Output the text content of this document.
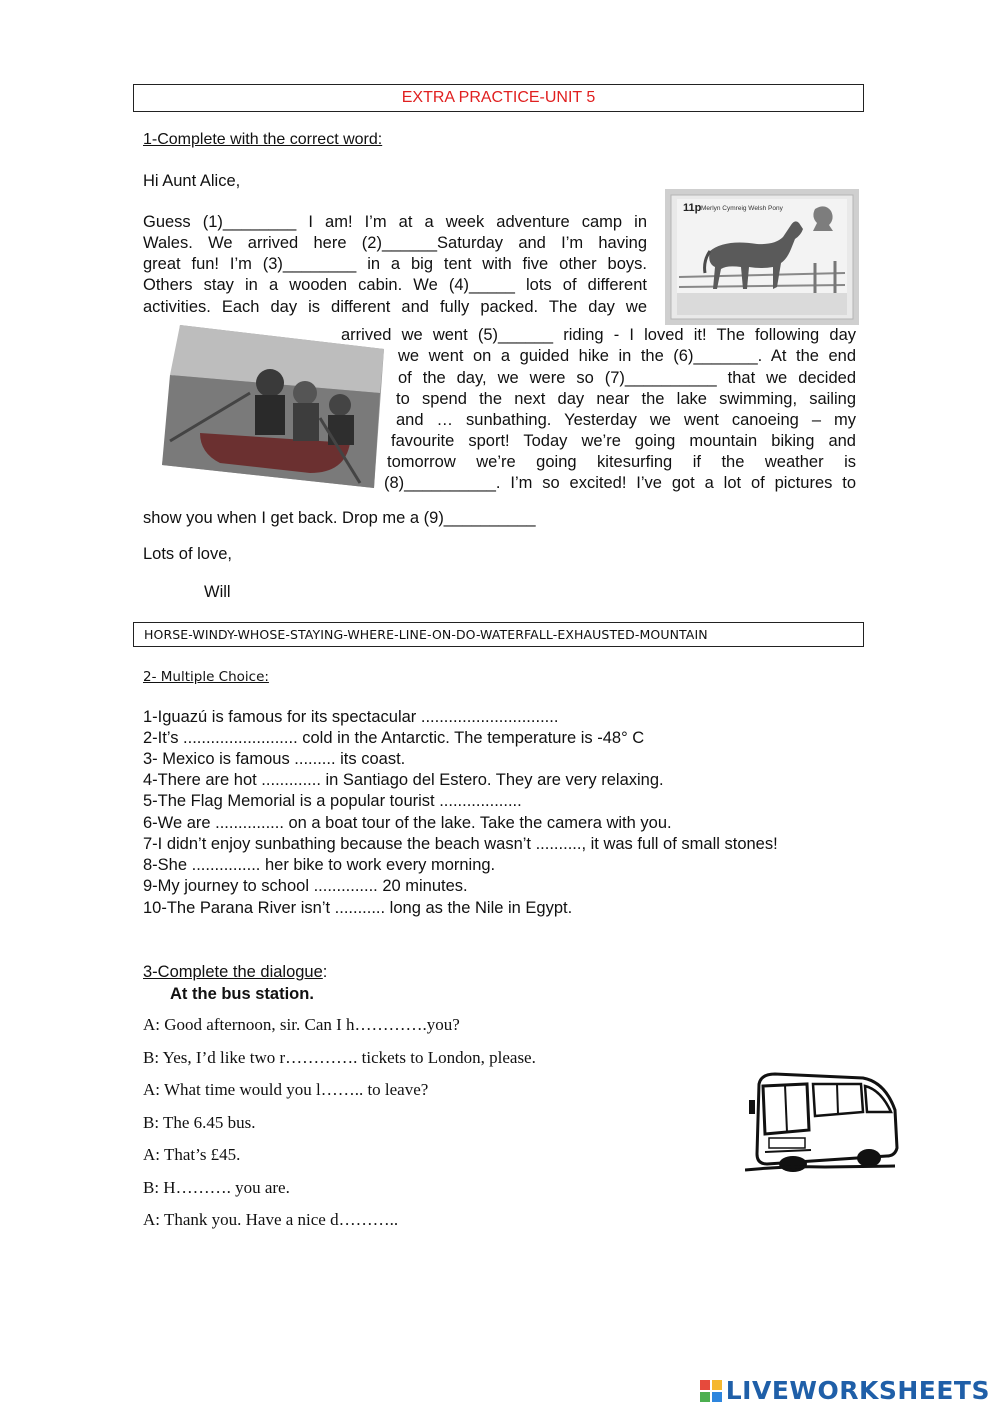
EXTRA PRACTICE-UNIT 5
1-Complete with the correct word:
Hi Aunt Alice,
Guess (1)________ I am! I’m at a week adventure camp in
Wales. We arrived here (2)______Saturday and I’m having
great fun! I’m (3)________ in a big tent with five other boys.
Others stay in a wooden cabin. We (4)_____ lots of different
activities. Each day is different and fully packed. The day we
arrived we went (5)______ riding - I loved it! The following day
we went on a guided hike in the (6)_______. At the end
of the day, we were so (7)__________ that we decided
to spend the next day near the lake swimming, sailing
and … sunbathing. Yesterday we went canoeing – my
favourite sport! Today we’re going mountain biking and
tomorrow we’re going kitesurfing if the weather is
(8)__________. I’m so excited! I’ve got a lot of pictures to
show you when I get back. Drop me a (9)__________
Lots of love,
Will
11p Merlyn Cymreig Welsh Pony
HORSE-WINDY-WHOSE-STAYING-WHERE-LINE-ON-DO-WATERFALL-EXHAUSTED-MOUNTAIN
2- Multiple Choice:
1-Iguazú is famous for its spectacular ..............................
2-It’s ......................... cold in the Antarctic. The temperature is -48° C
3- Mexico is famous ......... its coast.
4-There are hot ............. in Santiago del Estero. They are very relaxing.
5-The Flag Memorial is a popular tourist ..................
6-We are ............... on a boat tour of the lake. Take the camera with you.
7-I didn’t enjoy sunbathing because the beach wasn’t .........., it was full of small stones!
8-She ............... her bike to work every morning.
9-My journey to school .............. 20 minutes.
10-The Parana River isn’t ........... long as the Nile in Egypt.
3-Complete the dialogue:
At the bus station.
A: Good afternoon, sir. Can I h………….you?
B: Yes, I’d like two r…………. tickets to London, please.
A: What time would you l…….. to leave?
B: The 6.45 bus.
A: That’s £45.
B: H………. you are.
A: Thank you. Have a nice d………..
LIVEWORKSHEETS
